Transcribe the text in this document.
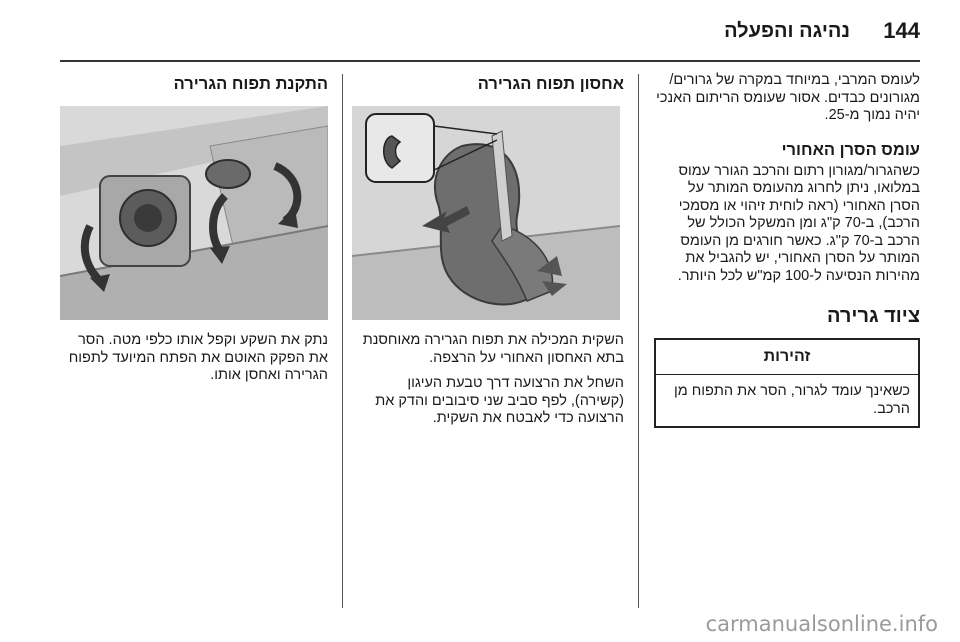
144
נהיגה והפעלה

לעומס המרבי, במיוחד במקרה של גרורים/ מגורונים כבדים. אסור שעומס הריתום האנכי יהיה נמוך מ-25.

עומס הסרן האחורי

כשהגרור/מגורון רתום והרכב הגורר עמוס במלואו, ניתן לחרוג מהעומס המותר על הסרן האחורי (ראה לוחית זיהוי או מסמכי הרכב), ב-70 ק"ג ומן המשקל הכולל של הרכב ב-70 ק"ג. כאשר חורגים מן העומס המותר על הסרן האחורי, יש להגביל את מהירות הנסיעה ל-100 קמ"ש לכל היותר.

ציוד גרירה
זהירות
כשאינך עומד לגרור, הסר את התפוח מן הרכב.
אחסון תפוח הגרירה

השקית המכילה את תפוח הגרירה מאוחסנת בתא האחסון האחורי על הרצפה.

השחל את הרצועה דרך טבעת העיגון (קשירה), לפף סביב שני סיבובים והדק את הרצועה כדי לאבטח את השקית.

התקנת תפוח הגרירה

נתק את השקע וקפל אותו כלפי מטה. הסר את הפקק האוטם את הפתח המיועד לתפוח הגרירה ואחסן אותו.

carmanualsonline.info
